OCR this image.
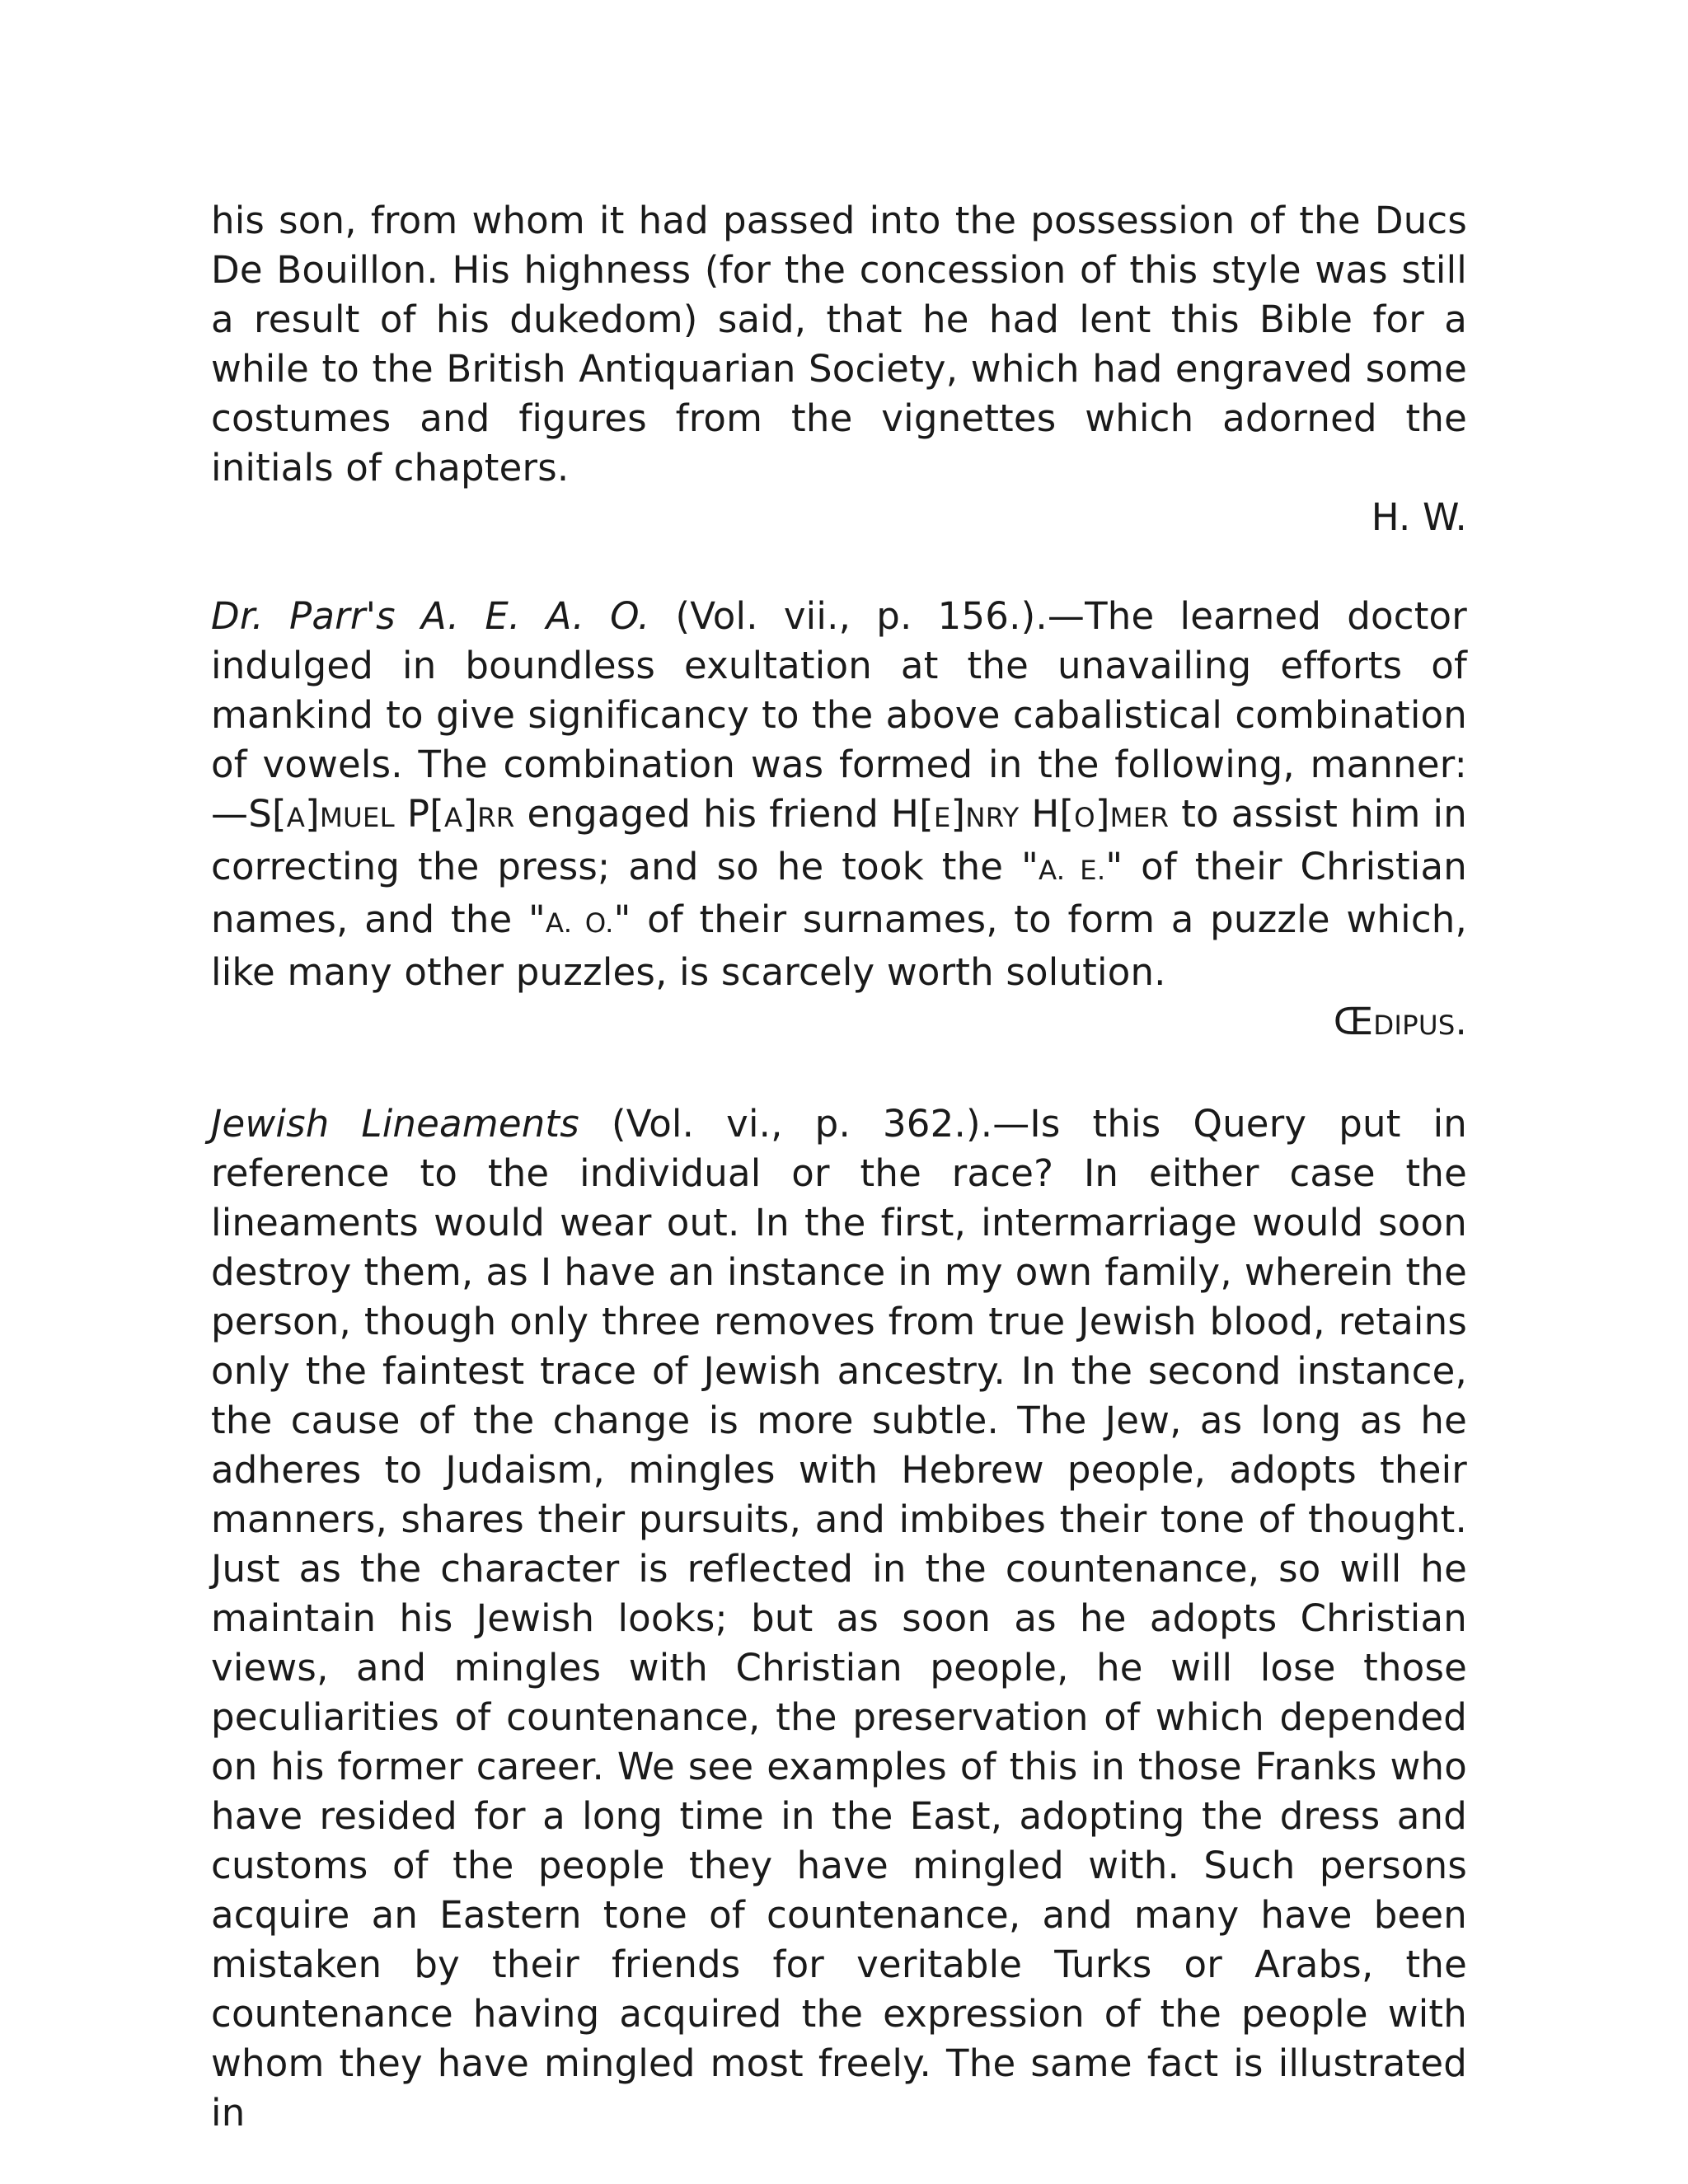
his son, from whom it had passed into the possession of the Ducs De Bouillon. His highness (for the concession of this style was still a result of his dukedom) said, that he had lent this Bible for a while to the British Antiquarian Society, which had engraved some costumes and figures from the vignettes which adorned the initials of chapters.

H. W.

Dr. Parr's A. E. A. O. (Vol. vii., p. 156.).—The learned doctor indulged in boundless exultation at the unavailing efforts of mankind to give significancy to the above cabalistical combination of vowels. The combination was formed in the following, manner:—S[A]MUEL P[A]RR engaged his friend H[E]NRY H[O]MER to assist him in correcting the press; and so he took the "A. E." of their Christian names, and the "A. O." of their surnames, to form a puzzle which, like many other puzzles, is scarcely worth solution.

ŒDIPUS.

Jewish Lineaments (Vol. vi., p. 362.).—Is this Query put in reference to the individual or the race? In either case the lineaments would wear out. In the first, intermarriage would soon destroy them, as I have an instance in my own family, wherein the person, though only three removes from true Jewish blood, retains only the faintest trace of Jewish ancestry. In the second instance, the cause of the change is more subtle. The Jew, as long as he adheres to Judaism, mingles with Hebrew people, adopts their manners, shares their pursuits, and imbibes their tone of thought. Just as the character is reflected in the countenance, so will he maintain his Jewish looks; but as soon as he adopts Christian views, and mingles with Christian people, he will lose those peculiarities of countenance, the preservation of which depended on his former career. We see examples of this in those Franks who have resided for a long time in the East, adopting the dress and customs of the people they have mingled with. Such persons acquire an Eastern tone of countenance, and many have been mistaken by their friends for veritable Turks or Arabs, the countenance having acquired the expression of the people with whom they have mingled most freely. The same fact is illustrated in
